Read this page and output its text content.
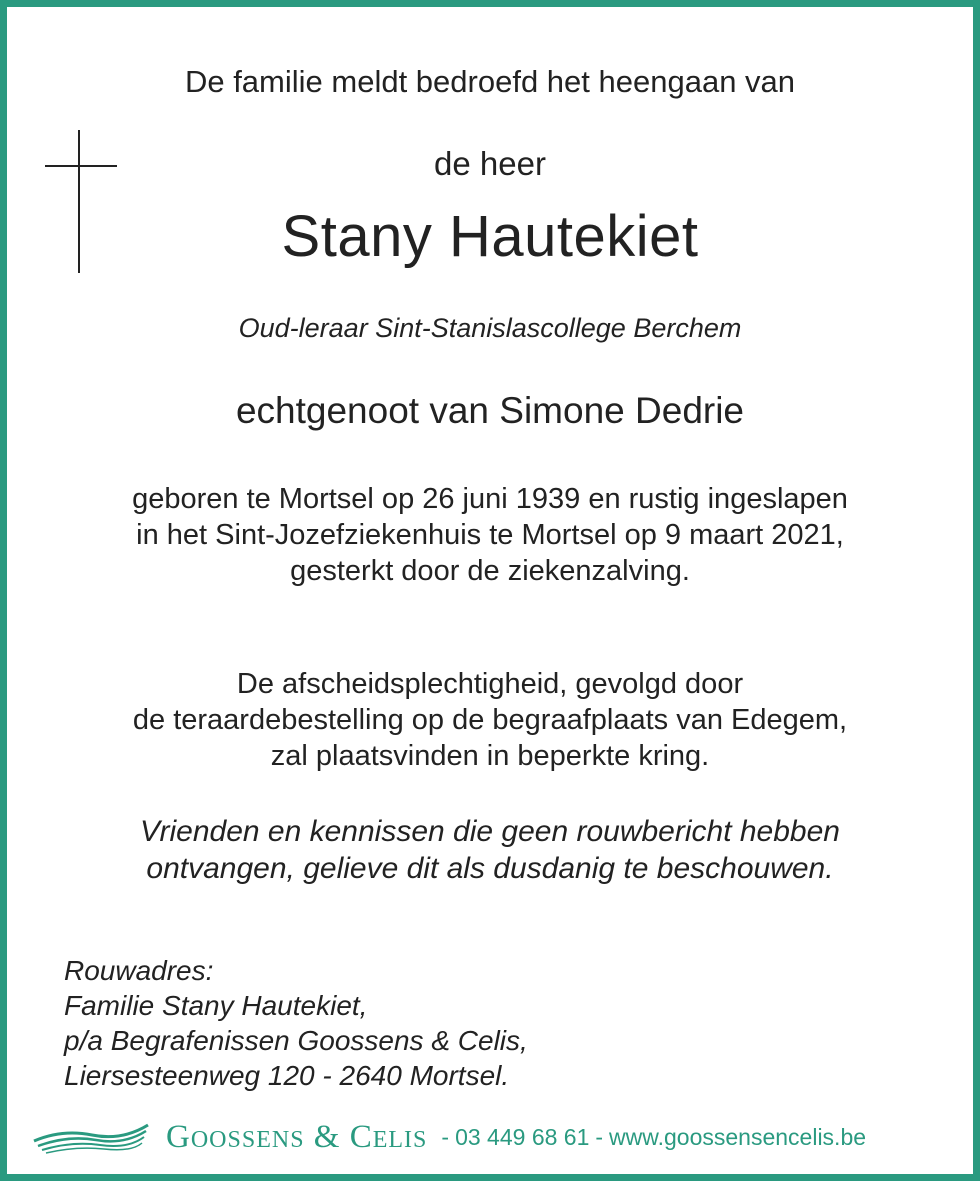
De familie meldt bedroefd het heengaan van

de heer

Stany Hautekiet

Oud-leraar Sint-Stanislascollege Berchem

echtgenoot van Simone Dedrie

geboren te Mortsel op 26 juni 1939 en rustig ingeslapen
in het Sint-Jozefziekenhuis te Mortsel op 9 maart 2021,
gesterkt door de ziekenzalving.
De afscheidsplechtigheid, gevolgd door
de teraardebestelling op de begraafplaats van Edegem,
zal plaatsvinden in beperkte kring.
Vrienden en kennissen die geen rouwbericht hebben
ontvangen, gelieve dit als dusdanig te beschouwen.
Rouwadres:
Familie Stany Hautekiet,
p/a Begrafenissen Goossens & Celis,
Liersesteenweg 120 - 2640 Mortsel.
GOOSSENS & CELIS - 03 449 68 61 - www.goossensencelis.be
